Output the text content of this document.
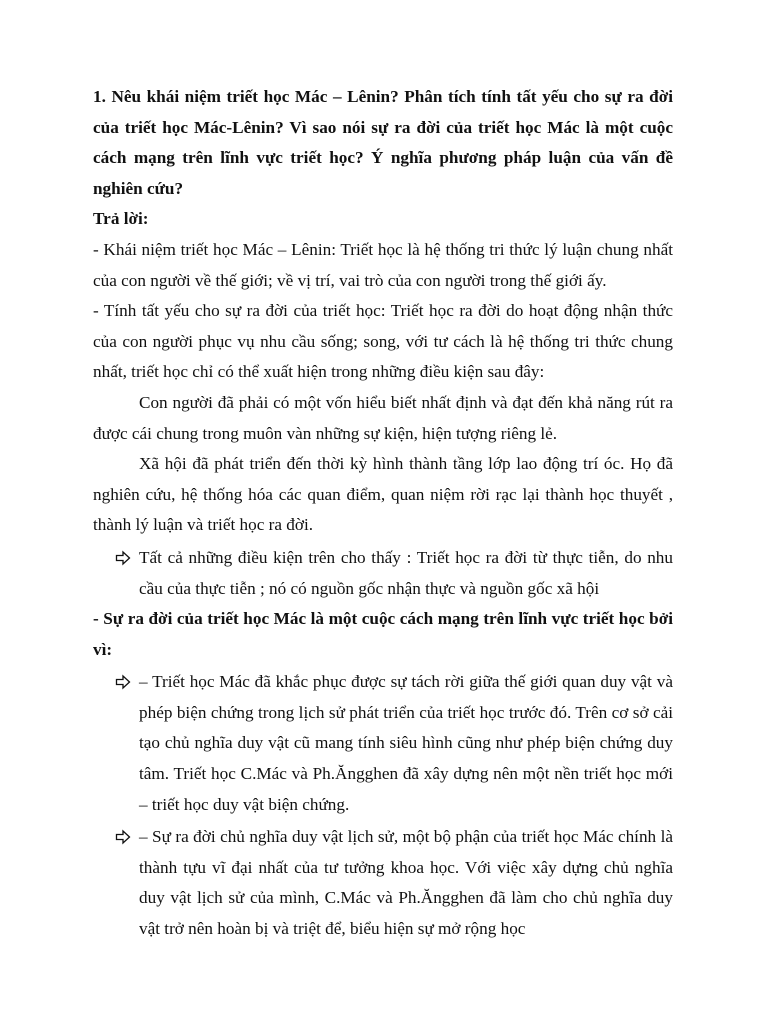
1. Nêu khái niệm triết học Mác – Lênin? Phân tích tính tất yếu cho sự ra đời của triết học Mác-Lênin? Vì sao nói sự ra đời của triết học Mác là một cuộc cách mạng trên lĩnh vực triết học? Ý nghĩa phương pháp luận của vấn đề nghiên cứu?

Trả lời:

- Khái niệm triết học Mác – Lênin: Triết học là hệ thống tri thức lý luận chung nhất của con người về thế giới; về vị trí, vai trò của con người trong thế giới ấy.

- Tính tất yếu cho sự ra đời của triết học: Triết học ra đời do hoạt động nhận thức của con người phục vụ nhu cầu sống; song, với tư cách là hệ thống tri thức chung nhất, triết học chỉ có thể xuất hiện trong những điều kiện sau đây:

Con người đã phải có một vốn hiểu biết nhất định và đạt đến khả năng rút ra được cái chung trong muôn vàn những sự kiện, hiện tượng riêng lẻ.

Xã hội đã phát triển đến thời kỳ hình thành tầng lớp lao động trí óc. Họ đã nghiên cứu, hệ thống hóa các quan điểm, quan niệm rời rạc lại thành học thuyết , thành lý luận và triết học ra đời.

Tất cả những điều kiện trên cho thấy : Triết học ra đời từ thực tiễn, do nhu cầu của thực tiễn ; nó có nguồn gốc nhận thực và nguồn gốc xã hội

- Sự ra đời của triết học Mác là một cuộc cách mạng trên lĩnh vực triết học bởi vì:

– Triết học Mác đã khắc phục được sự tách rời giữa thế giới quan duy vật và phép biện chứng trong lịch sử phát triển của triết học trước đó. Trên cơ sở cải tạo chủ nghĩa duy vật cũ mang tính siêu hình cũng như phép biện chứng duy tâm. Triết học C.Mác và Ph.Ăngghen đã xây dựng nên một nền triết học mới – triết học duy vật biện chứng.
– Sự ra đời chủ nghĩa duy vật lịch sử, một bộ phận của triết học Mác chính là thành tựu vĩ đại nhất của tư tưởng khoa học. Với việc xây dựng chủ nghĩa duy vật lịch sử của mình, C.Mác và Ph.Ăngghen đã làm cho chủ nghĩa duy vật trở nên hoàn bị và triệt để, biểu hiện sự mở rộng học
